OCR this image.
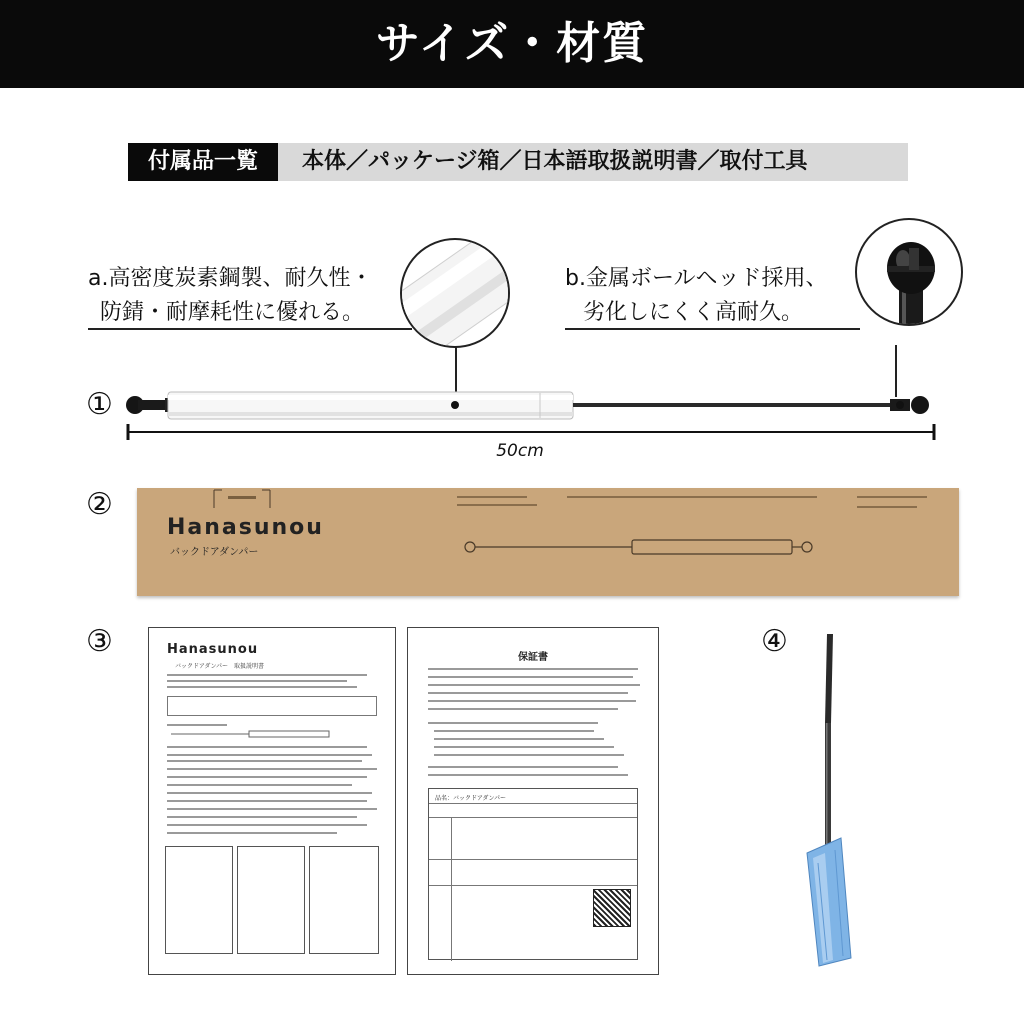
サイズ・材質
付属品一覧	本体／パッケージ箱／日本語取扱説明書／取付工具
a.高密度炭素鋼製、耐久性・
防錆・耐摩耗性に優れる。
b.金属ボールヘッド採用、
劣化しにくく高耐久。
①
50cm
②
Hanasunou
バックドアダンパー
③	Hanasunou
バックドアダンパー　取扱説明書
保証書
品名：バックドアダンパー
④
